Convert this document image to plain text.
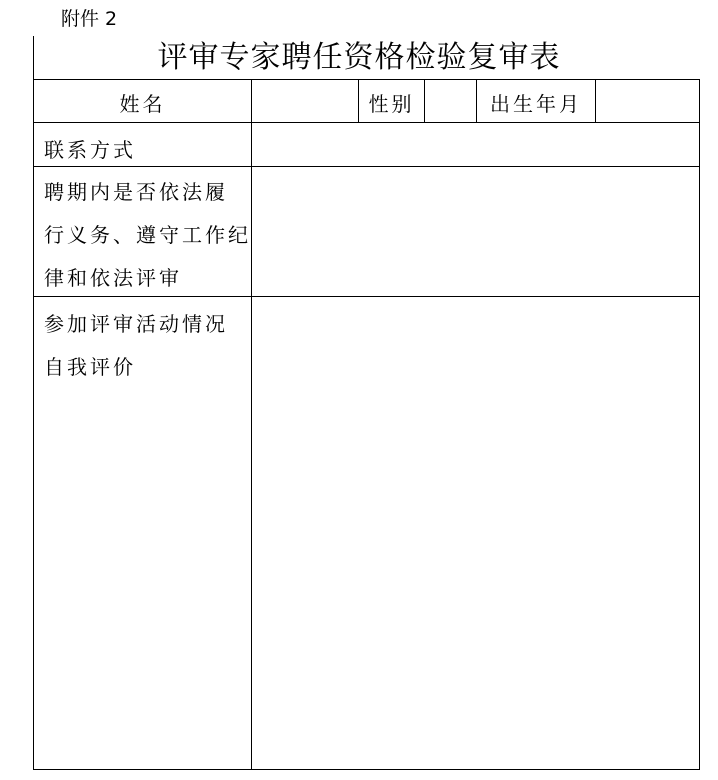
附件 2
评审专家聘任资格检验复审表
姓名	性别	出生年月
联系方式
聘期内是否依法履
行义务、遵守工作纪
律和依法评审
参加评审活动情况
自我评价
